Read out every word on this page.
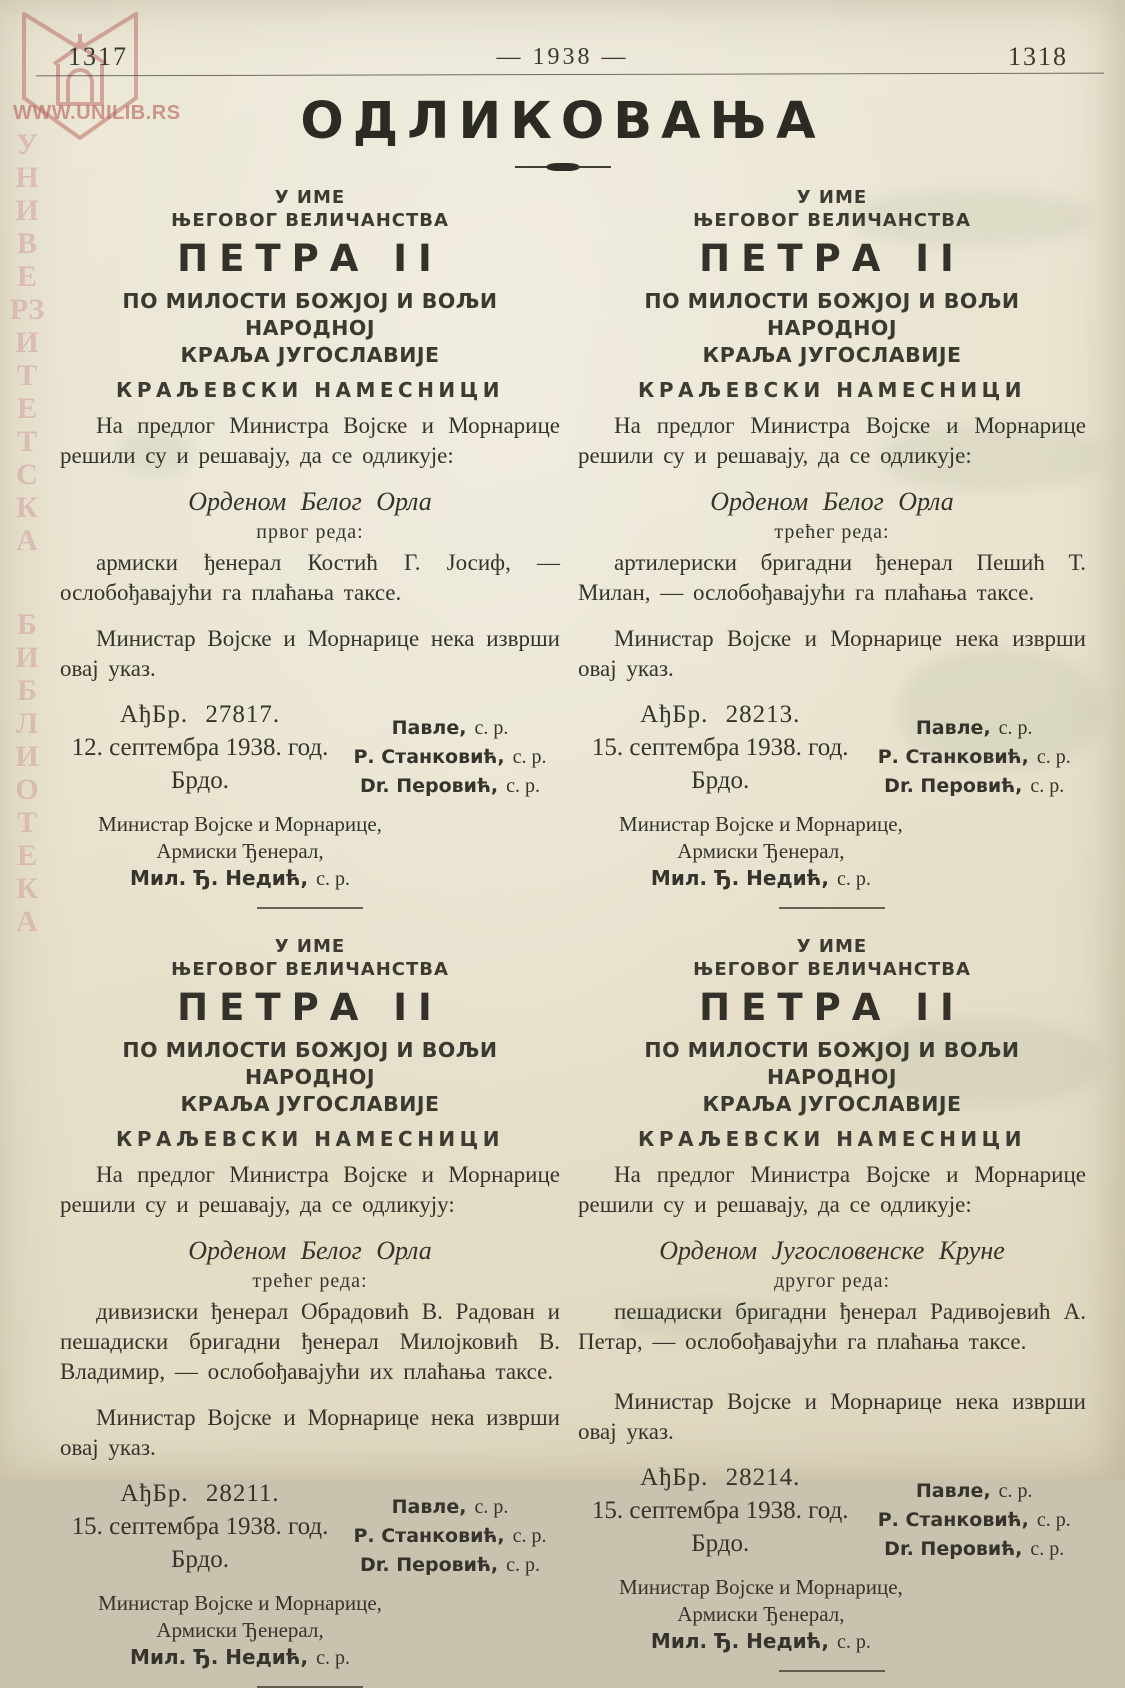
WWW.UNILIB.RS
УНИВЕРЗИТЕТСКА
БИБЛИОТЕКА
1317	— 1938 —	1318
ОДЛИКОВАЊА
У ИМЕ
ЊЕГОВОГ ВЕЛИЧАНСТВА
ПЕТРА II
ПО МИЛОСТИ БОЖЈОЈ И ВОЉИ НАРОДНОЈ
КРАЉА ЈУГОСЛАВИЈЕ
КРАЉЕВСКИ НАМЕСНИЦИ

На предлог Министра Војске и Морнарице решили су и решавају, да се одликује:

Орденом Белог Орла
првог реда:

армиски ђенерал Костић Г. Јосиф, — ослобођавајући га плаћања таксе.

Министар Војске и Морнарице нека изврши овај указ.

АђБр. 27817.
12. септембра 1938. год.
Брдо.
Павле, с. р.
Р. Станковић, с. р.
Dr. Перовић, с. р.
Министар Војске и Морнарице,
Армиски Ђенерал,
Мил. Ђ. Недић, с. р.
У ИМЕ
ЊЕГОВОГ ВЕЛИЧАНСТВА
ПЕТРА II
ПО МИЛОСТИ БОЖЈОЈ И ВОЉИ НАРОДНОЈ
КРАЉА ЈУГОСЛАВИЈЕ
КРАЉЕВСКИ НАМЕСНИЦИ

На предлог Министра Војске и Морнарице решили су и решавају, да се одликују:

Орденом Белог Орла
трећег реда:

дивизиски ђенерал Обрадовић В. Радован и пешадиски бригадни ђенерал Милојковић В. Владимир, — ослобођавајући их плаћања таксе.

Министар Војске и Морнарице нека изврши овај указ.

АђБр. 28211.
15. септембра 1938. год.
Брдо.
Павле, с. р.
Р. Станковић, с. р.
Dr. Перовић, с. р.
Министар Војске и Морнарице,
Армиски Ђенерал,
Мил. Ђ. Недић, с. р.
У ИМЕ
ЊЕГОВОГ ВЕЛИЧАНСТВА
ПЕТРА II
ПО МИЛОСТИ БОЖЈОЈ И ВОЉИ НАРОДНОЈ
КРАЉА ЈУГОСЛАВИЈЕ
КРАЉЕВСКИ НАМЕСНИЦИ

На предлог Министра Војске и Морнарице решили су и решавају, да се одликује:

Орденом Белог Орла
трећег реда:

артилериски бригадни ђенерал Пешић Т. Милан, — ослобођавајући га плаћања таксе.

Министар Војске и Морнарице нека изврши овај указ.

АђБр. 28213.
15. септембра 1938. год.
Брдо.
Павле, с. р.
Р. Станковић, с. р.
Dr. Перовић, с. р.
Министар Војске и Морнарице,
Армиски Ђенерал,
Мил. Ђ. Недић, с. р.
У ИМЕ
ЊЕГОВОГ ВЕЛИЧАНСТВА
ПЕТРА II
ПО МИЛОСТИ БОЖЈОЈ И ВОЉИ НАРОДНОЈ
КРАЉА ЈУГОСЛАВИЈЕ
КРАЉЕВСКИ НАМЕСНИЦИ

На предлог Министра Војске и Морнарице решили су и решавају, да се одликује:

Орденом Југословенске Круне
другог реда:

пешадиски бригадни ђенерал Радивојевић А. Петар, — ослобођавајући га плаћања таксе.

Министар Војске и Морнарице нека изврши овај указ.

АђБр. 28214.
15. септембра 1938. год.
Брдо.
Павле, с. р.
Р. Станковић, с. р.
Dr. Перовић, с. р.
Министар Војске и Морнарице,
Армиски Ђенерал,
Мил. Ђ. Недић, с. р.
